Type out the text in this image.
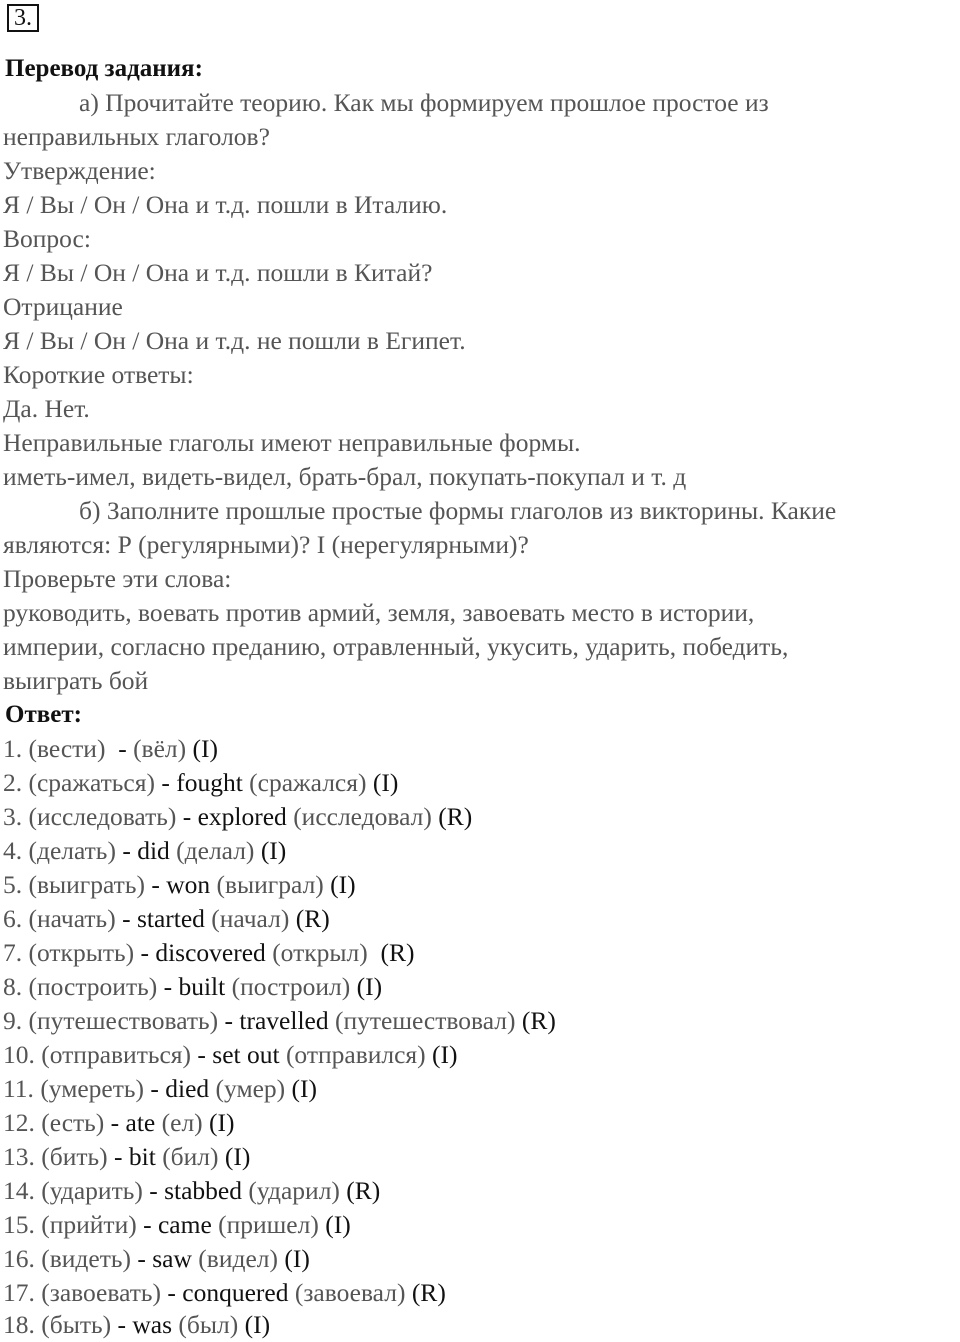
3.
Перевод задания:
а) Прочитайте теорию. Как мы формируем прошлое простое из
неправильных глаголов?
Утверждение:
Я / Вы / Он / Она и т.д. пошли в Италию.
Вопрос:
Я / Вы / Он / Она и т.д. пошли в Китай?
Отрицание
Я / Вы / Он / Она и т.д. не пошли в Египет.
Короткие ответы:
Да. Нет.
Неправильные глаголы имеют неправильные формы.
иметь-имел, видеть-видел, брать-брал, покупать-покупал и т. д
б) Заполните прошлые простые формы глаголов из викторины. Какие
являются: Р (регулярными)? I (нерегулярными)?
Проверьте эти слова:
руководить, воевать против армий, земля, завоевать место в истории,
империи, согласно преданию, отравленный, укусить, ударить, победить,
выиграть бой
Ответ:
1. (вести)  - (вёл) (I)
2. (сражаться) - fought (сражался) (I)
3. (исследовать) - explored (исследовал) (R)
4. (делать) - did (делал) (I)
5. (выиграть) - won (выиграл) (I)
6. (начать) - started (начал) (R)
7. (открыть) - discovered (открыл) (R)
8. (построить) - built (построил) (I)
9. (путешествовать) - travelled (путешествовал) (R)
10. (отправиться) - set out (отправился) (I)
11. (умереть) - died (умер) (I)
12. (есть) - ate (ел) (I)
13. (бить) - bit (бил) (I)
14. (ударить) - stabbed (ударил) (R)
15. (прийти) - came (пришел) (I)
16. (видеть) - saw (видел) (I)
17. (завоевать) - conquered (завоевал) (R)
18. (быть) - was (был) (I)
